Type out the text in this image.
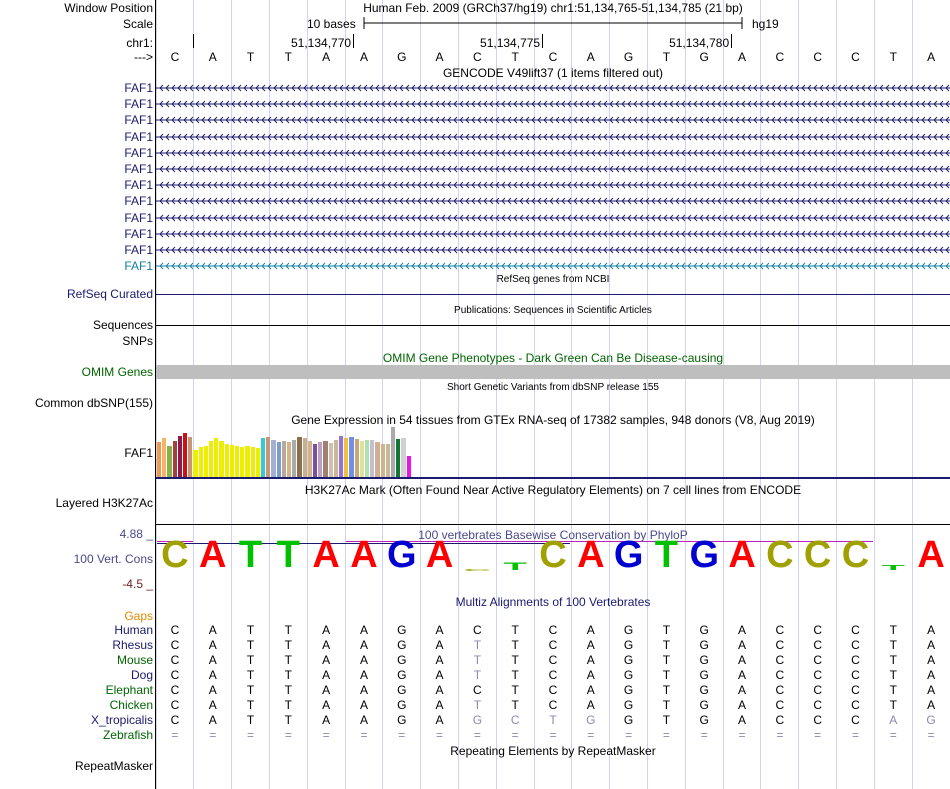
Window Position	Human Feb. 2009 (GRCh37/hg19) chr1:51,134,765-51,134,785 (21 bp)
Scale	10 bases	hg19
chr1:	51,134,770	51,134,775	51,134,780
--->	C	A	T	T	A	A	G	A	C	T	C	A	G	T	G	A	C	C	C	T	A
GENCODE V49lift37 (1 items filtered out)
FAF1
FAF1
FAF1
FAF1
FAF1
FAF1
FAF1
FAF1
FAF1
FAF1
FAF1
FAF1
RefSeq genes from NCBI
RefSeq Curated
Publications: Sequences in Scientific Articles
Sequences
SNPs
OMIM Gene Phenotypes - Dark Green Can Be Disease-causing
OMIM Genes
Short Genetic Variants from dbSNP release 155
Common dbSNP(155)
Gene Expression in 54 tissues from GTEx RNA-seq of 17382 samples, 948 donors (V8, Aug 2019)
FAF1
H3K27Ac Mark (Often Found Near Active Regulatory Elements) on 7 cell lines from ENCODE
Layered H3K27Ac
4.88 _
100 Vert. Cons
-4.5 _
100 vertebrates Basewise Conservation by PhyloP
C A T T A A G A C T C A G T G A C C C T A
Multiz Alignments of 100 Vertebrates
Gaps
Human	C	A	T	T	A	A	G	A	C	T	C	A	G	T	G	A	C	C	C	T	A
Rhesus	C	A	T	T	A	A	G	A	T	T	C	A	G	T	G	A	C	C	C	T	A
Mouse	C	A	T	T	A	A	G	A	T	T	C	A	G	T	G	A	C	C	C	T	A
Dog	C	A	T	T	A	A	G	A	T	T	C	A	G	T	G	A	C	C	C	T	A
Elephant	C	A	T	T	A	A	G	A	C	T	C	A	G	T	G	A	C	C	C	T	A
Chicken	C	A	T	T	A	A	G	A	T	T	C	A	G	T	G	A	C	C	C	T	A
X_tropicalis	C	A	T	T	A	A	G	A	G	C	T	G	G	T	G	A	C	C	C	A	G
Zebrafish	=	=	=	=	=	=	=	=	=	=	=	=	=	=	=	=	=	=	=	=	=
Repeating Elements by RepeatMasker
RepeatMasker
